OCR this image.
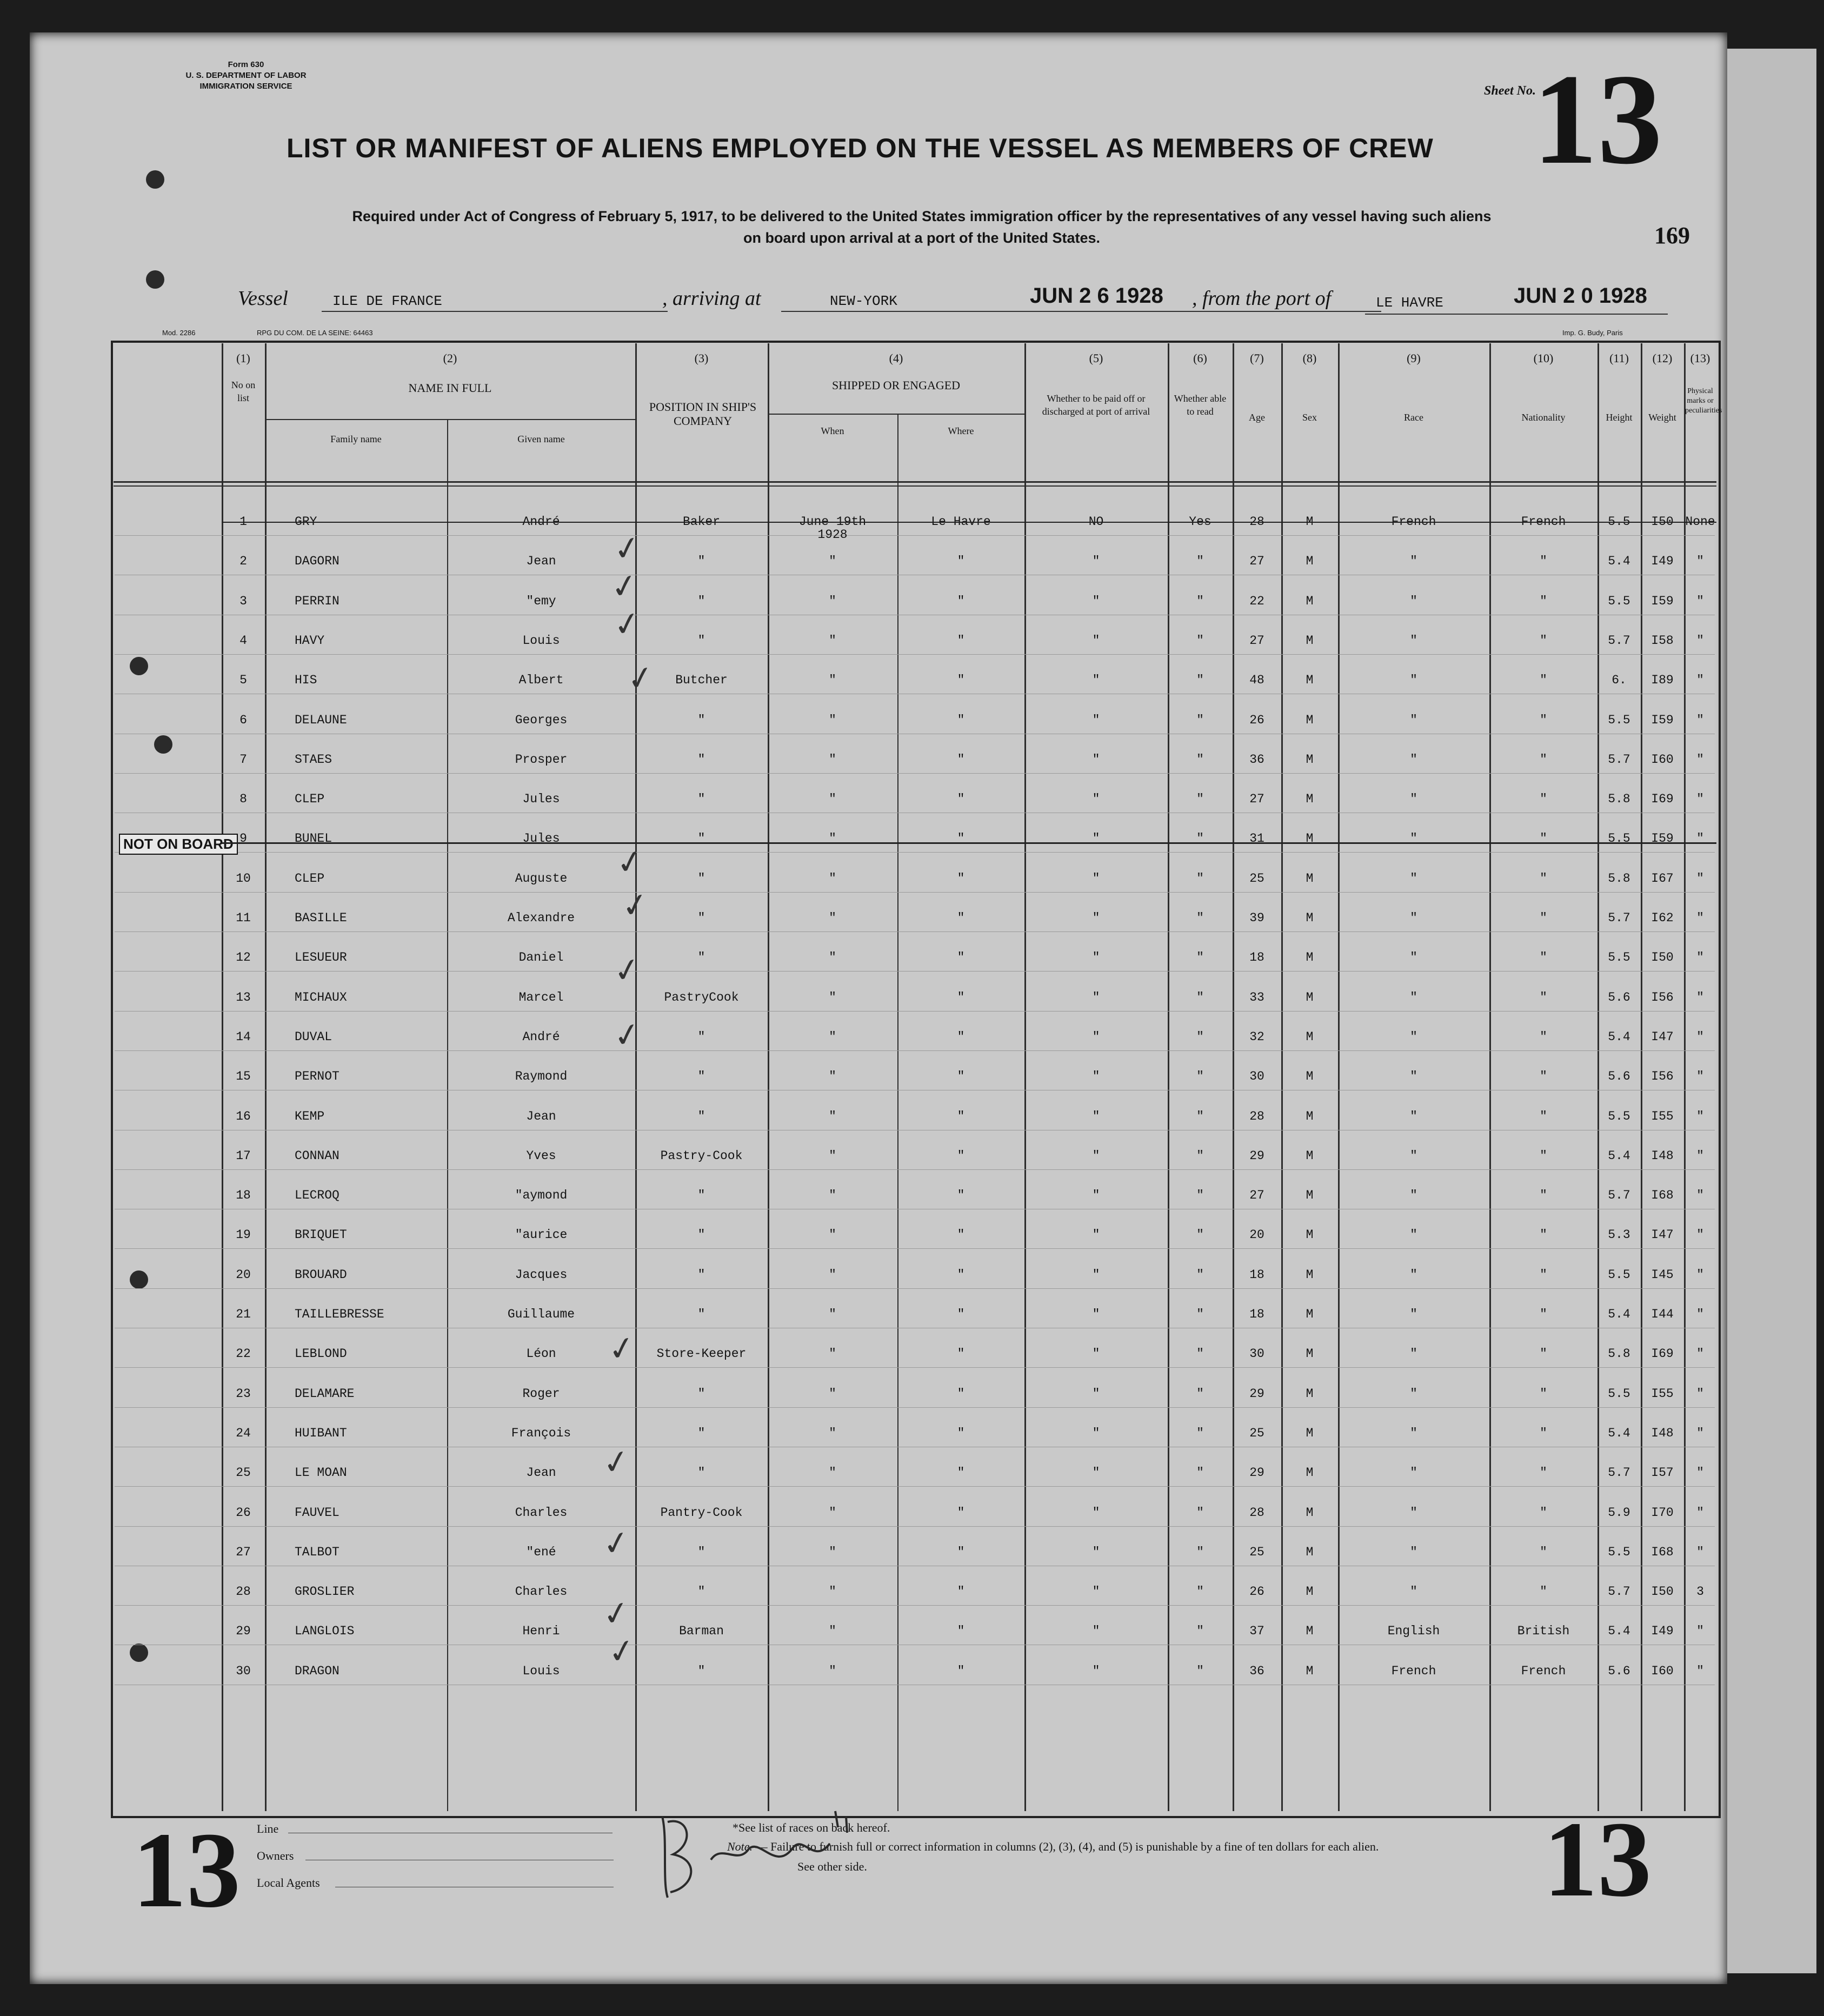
Form 630
U. S. DEPARTMENT OF LABOR
IMMIGRATION SERVICE	Sheet No.
13
LIST OR MANIFEST OF ALIENS EMPLOYED ON THE VESSEL AS MEMBERS OF CREW
Required under Act of Congress of February 5, 1917, to be delivered to the United States immigration officer by the representatives of any vessel having such aliens
on board upon arrival at a port of the United States.	169
Vessel	ILE DE FRANCE	, arriving at	NEW-YORK	JUN 2 6 1928 , from the port of	LE HAVRE	JUN 2 0 1928
Mod. 2286	RPG DU COM. DE LA SEINE: 64463	Imp. G. Budy, Paris
(1)
No on list
(2)
NAME IN FULL
Family name	Given name
(3)
POSITION IN SHIP'S COMPANY
(4)
SHIPPED OR ENGAGED
When	Where
(5)
Whether to be paid off or discharged at port of arrival
(6)
Whether able to read
(7)
Age
(8)
Sex
(9)
Race
(10)
Nationality
(11)
Height
(12)
Weight
(13)
Physical marks or peculiarities
1	GRY	André	Baker	June 19th	Le Havre	NO	Yes	28	M	French	French	5.5	I50 None
1928
2	DAGORN	Jean	"	"	"	"	"	27	M	"	"	5.4	I49	"
3	PERRIN	"emy	"	"	"	"	"	22	M	"	"	5.5	I59	"
4	HAVY	Louis	"	"	"	"	"	27	M	"	"	5.7	I58	"
5	HIS	Albert	Butcher	"	"	"	"	48	M	"	"	6.	I89	"
6	DELAUNE	Georges	"	"	"	"	"	26	M	"	"	5.5	I59	"
7	STAES	Prosper	"	"	"	"	"	36	M	"	"	5.7	I60	"
8	CLEP	Jules	"	"	"	"	"	27	M	"	"	5.8	I69	"
9	BUNEL	Jules	"	"	"	"	"	31	M	"	"	5.5	I59	"
10	CLEP	Auguste	"	"	"	"	"	25	M	"	"	5.8	I67	"
11	BASILLE	Alexandre	"	"	"	"	"	39	M	"	"	5.7	I62	"
12	LESUEUR	Daniel	"	"	"	"	"	18	M	"	"	5.5	I50	"
13	MICHAUX	Marcel	PastryCook	"	"	"	"	33	M	"	"	5.6	I56	"
14	DUVAL	André	"	"	"	"	"	32	M	"	"	5.4	I47	"
15	PERNOT	Raymond	"	"	"	"	"	30	M	"	"	5.6	I56	"
16	KEMP	Jean	"	"	"	"	"	28	M	"	"	5.5	I55	"
17	CONNAN	Yves	Pastry-Cook	"	"	"	"	29	M	"	"	5.4	I48	"
18	LECROQ	"aymond	"	"	"	"	"	27	M	"	"	5.7	I68	"
19	BRIQUET	"aurice	"	"	"	"	"	20	M	"	"	5.3	I47	"
20	BROUARD	Jacques	"	"	"	"	"	18	M	"	"	5.5	I45	"
21	TAILLEBRESSE	Guillaume	"	"	"	"	"	18	M	"	"	5.4	I44	"
22	LEBLOND	Léon	Store-Keeper	"	"	"	"	30	M	"	"	5.8	I69	"
23	DELAMARE	Roger	"	"	"	"	"	29	M	"	"	5.5	I55	"
24	HUIBANT	François	"	"	"	"	"	25	M	"	"	5.4	I48	"
25	LE MOAN	Jean	"	"	"	"	"	29	M	"	"	5.7	I57	"
26	FAUVEL	Charles	Pantry-Cook	"	"	"	"	28	M	"	"	5.9	I70	"
27	TALBOT	"ené	"	"	"	"	"	25	M	"	"	5.5	I68	"
28	GROSLIER	Charles	"	"	"	"	"	26	M	"	"	5.7	I50	3
29	LANGLOIS	Henri	Barman	"	"	"	"	37	M	English	British	5.4	I49	"
30	DRAGON	Louis	"	"	"	"	"	36	M	French	French	5.6	I60	"
NOT ON BOARD
✓
✓
✓
✓
✓
✓
✓
✓
✓
✓
✓
✓
✓
Line
Owners
Local Agents
*See list of races on back hereof.
Note. — Failure to furnish full or correct information in columns (2), (3), (4), and (5) is punishable by a fine of ten dollars for each alien.
See other side.
13	13
